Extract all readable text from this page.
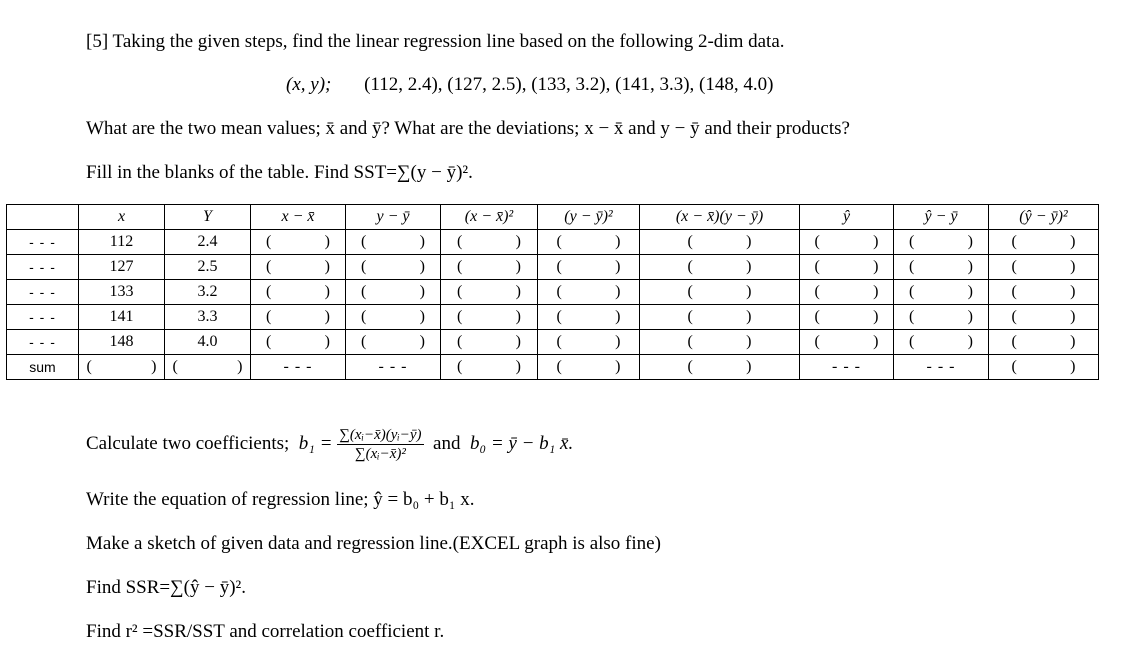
[5] Taking the given steps, find the linear regression line based on the following 2-dim data.
(x, y); (112, 2.4), (127, 2.5), (133, 3.2), (141, 3.3), (148, 4.0)
What are the two mean values; x̄ and ȳ? What are the deviations; x − x̄ and y − ȳ and their products?
Fill in the blanks of the table. Find SST=∑(y − ȳ)².
	x	Y	x − x̄	y − ȳ	(x − x̄)²	(y − ȳ)²	(x − x̄)(y − ȳ)	ŷ	ŷ − ȳ	(ŷ − ȳ)²
- - -	112	2.4	( )	( )	( )	( )	( )	( )	( )	( )

- - -	127	2.5	( )	( )	( )	( )	( )	( )	( )	( )

- - -	133	3.2	( )	( )	( )	( )	( )	( )	( )	( )

- - -	141	3.3	( )	( )	( )	( )	( )	( )	( )	( )

- - -	148	4.0	( )	( )	( )	( )	( )	( )	( )	( )

sum	( )	( )	- - -	- - -	( )	( )	( )	- - -	- - -	( )
Calculate two coefficients; $b_1 = \frac{\text{∑(xᵢ−x̄)(yᵢ−ȳ)}}{\text{∑(xᵢ−x̄)²}}$ and b₀ = ȳ − b₁ x̄.
Write the equation of regression line; ŷ = b₀ + b₁ x.
Make a sketch of given data and regression line.(EXCEL graph is also fine)
Find SSR=∑(ŷ − ȳ)².
Find r² =SSR/SST and correlation coefficient r.
